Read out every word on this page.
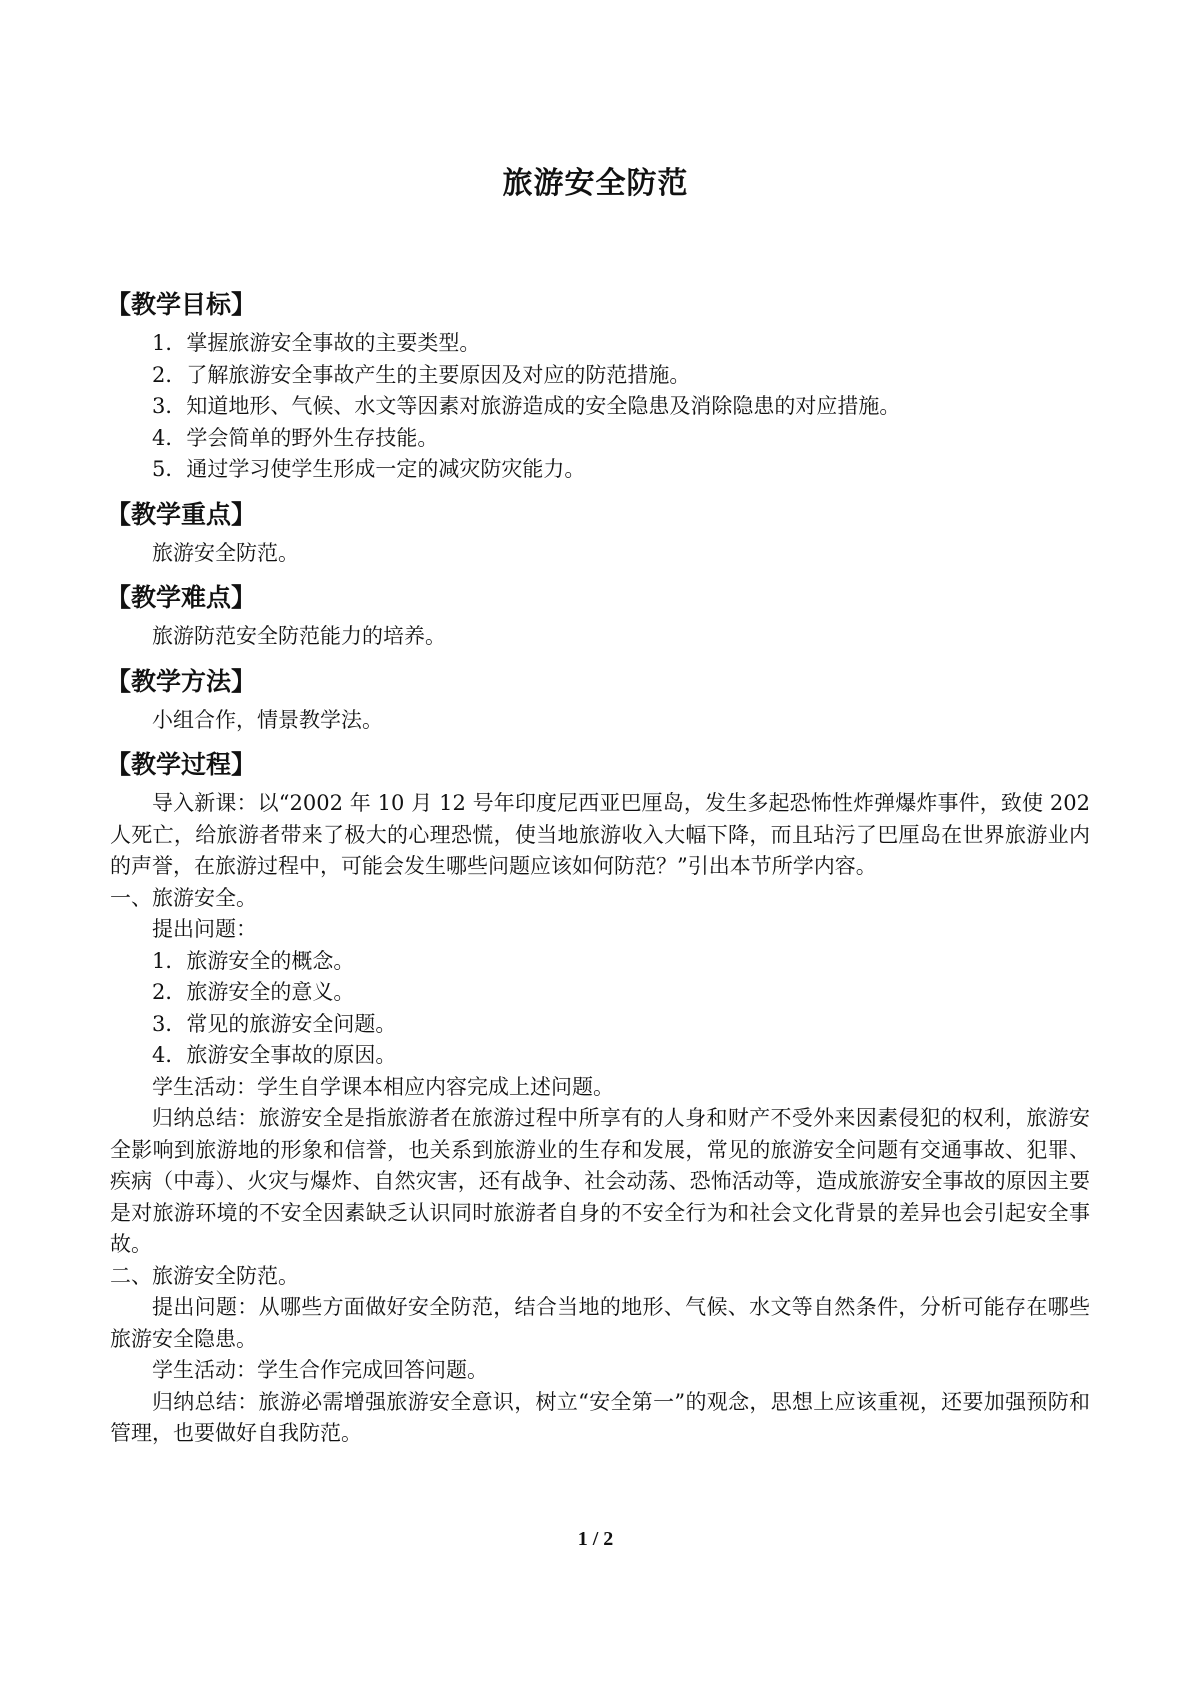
旅游安全防范
【教学目标】

1．掌握旅游安全事故的主要类型。

2．了解旅游安全事故产生的主要原因及对应的防范措施。

3．知道地形、气候、水文等因素对旅游造成的安全隐患及消除隐患的对应措施。

4．学会简单的野外生存技能。

5．通过学习使学生形成一定的减灾防灾能力。

【教学重点】

旅游安全防范。

【教学难点】

旅游防范安全防范能力的培养。

【教学方法】

小组合作，情景教学法。

【教学过程】

导入新课：以“2002 年 10 月 12 号年印度尼西亚巴厘岛，发生多起恐怖性炸弹爆炸事件，致使 202 人死亡，给旅游者带来了极大的心理恐慌，使当地旅游收入大幅下降，而且玷污了巴厘岛在世界旅游业内的声誉，在旅游过程中，可能会发生哪些问题应该如何防范？”引出本节所学内容。

一、旅游安全。

提出问题：

1．旅游安全的概念。

2．旅游安全的意义。

3．常见的旅游安全问题。

4．旅游安全事故的原因。

学生活动：学生自学课本相应内容完成上述问题。

归纳总结：旅游安全是指旅游者在旅游过程中所享有的人身和财产不受外来因素侵犯的权利，旅游安全影响到旅游地的形象和信誉，也关系到旅游业的生存和发展，常见的旅游安全问题有交通事故、犯罪、疾病（中毒）、火灾与爆炸、自然灾害，还有战争、社会动荡、恐怖活动等，造成旅游安全事故的原因主要是对旅游环境的不安全因素缺乏认识同时旅游者自身的不安全行为和社会文化背景的差异也会引起安全事故。

二、旅游安全防范。

提出问题：从哪些方面做好安全防范，结合当地的地形、气候、水文等自然条件，分析可能存在哪些旅游安全隐患。

学生活动：学生合作完成回答问题。

归纳总结：旅游必需增强旅游安全意识，树立“安全第一”的观念，思想上应该重视，还要加强预防和管理，也要做好自我防范。

1 / 2
